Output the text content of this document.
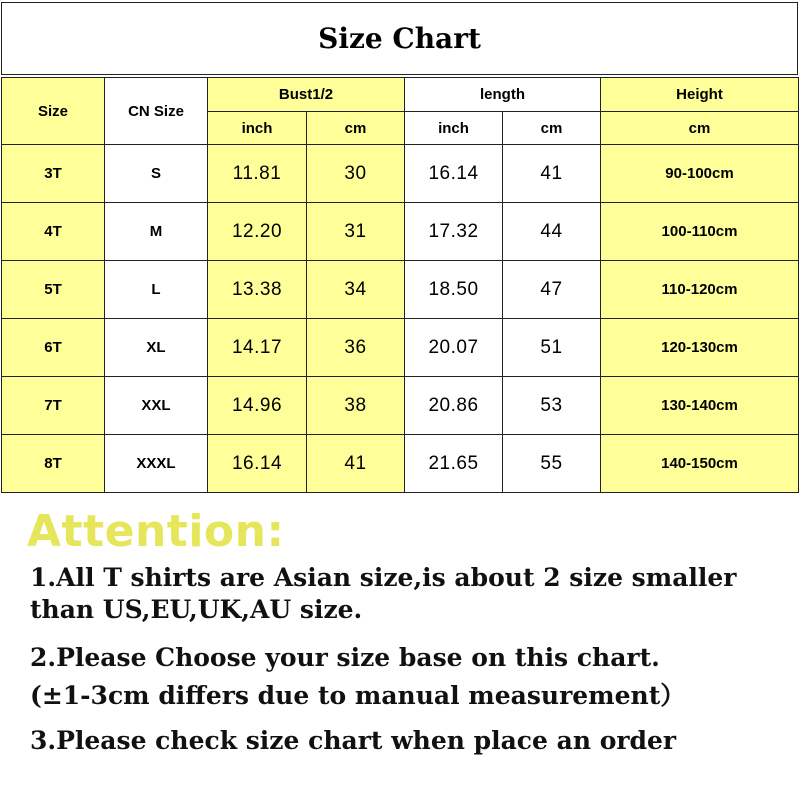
Size Chart
Size	CN Size	Bust1/2		length		Height
		inch	cm	inch	cm	cm
3T	S	11.81	30	16.14	41	90-100cm
4T	M	12.20	31	17.32	44	100-110cm
5T	L	13.38	34	18.50	47	110-120cm
6T	XL	14.17	36	20.07	51	120-130cm
7T	XXL	14.96	38	20.86	53	130-140cm
8T	XXXL	16.14	41	21.65	55	140-150cm
Attention:
1.All T shirts are Asian size,is about 2 size smaller
than US,EU,UK,AU size.
2.Please Choose your size base on this chart.
(±1-3cm differs due to manual measurement）
3.Please check size chart when place an order
